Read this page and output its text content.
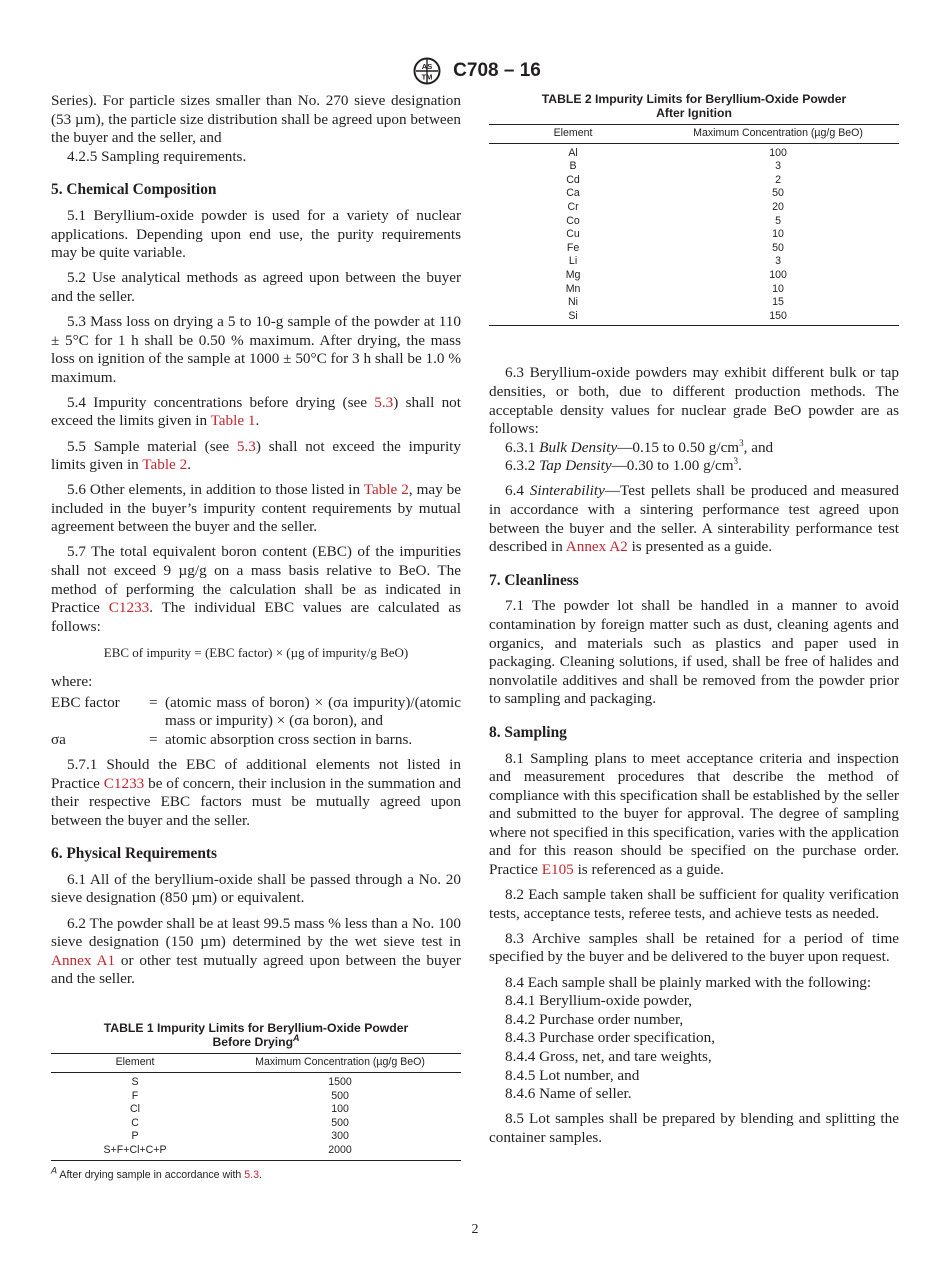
AS
TM C708 – 16

Series). For particle sizes smaller than No. 270 sieve designation (53 µm), the particle size distribution shall be agreed upon between the buyer and the seller, and

4.2.5 Sampling requirements.

5. Chemical Composition

5.1 Beryllium-oxide powder is used for a variety of nuclear applications. Depending upon end use, the purity requirements may be quite variable.

5.2 Use analytical methods as agreed upon between the buyer and the seller.

5.3 Mass loss on drying a 5 to 10-g sample of the powder at 110 ± 5°C for 1 h shall be 0.50 % maximum. After drying, the mass loss on ignition of the sample at 1000 ± 50°C for 3 h shall be 1.0 % maximum.

5.4 Impurity concentrations before drying (see 5.3) shall not exceed the limits given in Table 1.

5.5 Sample material (see 5.3) shall not exceed the impurity limits given in Table 2.

5.6 Other elements, in addition to those listed in Table 2, may be included in the buyer’s impurity content requirements by mutual agreement between the buyer and the seller.

5.7 The total equivalent boron content (EBC) of the impurities shall not exceed 9 µg/g on a mass basis relative to BeO. The method of performing the calculation shall be as indicated in Practice C1233. The individual EBC values are calculated as follows:

EBC of impurity = (EBC factor) × (µg of impurity/g BeO)

where:

EBC factor	=	(atomic mass of boron) × (σa impurity)/(atomic mass or impurity) × (σa boron), and
σa	=	atomic absorption cross section in barns.

5.7.1 Should the EBC of additional elements not listed in Practice C1233 be of concern, their inclusion in the summation and their respective EBC factors must be mutually agreed upon between the buyer and the seller.

6. Physical Requirements

6.1 All of the beryllium-oxide shall be passed through a No. 20 sieve designation (850 µm) or equivalent.

6.2 The powder shall be at least 99.5 mass % less than a No. 100 sieve designation (150 µm) determined by the wet sieve test in Annex A1 or other test mutually agreed upon between the buyer and the seller.

TABLE 1 Impurity Limits for Beryllium-Oxide Powder
Before Drying$^A$
Element	Maximum Concentration (µg/g BeO)
S	1500
F	500
Cl	100
C	500
P	300
S+F+Cl+C+P	2000
$^A$ After drying sample in accordance with 5.3.
TABLE 2 Impurity Limits for Beryllium-Oxide Powder
After Ignition
Element	Maximum Concentration (µg/g BeO)
Al	100
B	3
Cd	2
Ca	50
Cr	20
Co	5
Cu	10
Fe	50
Li	3
Mg	100
Mn	10
Ni	15
Si	150

6.3 Beryllium-oxide powders may exhibit different bulk or tap densities, or both, due to different production methods. The acceptable density values for nuclear grade BeO powder are as follows:

6.3.1 Bulk Density—0.15 to 0.50 $g/cm^3$, and

6.3.2 Tap Density—0.30 to 1.00 $g/cm^3$.

6.4 Sinterability—Test pellets shall be produced and measured in accordance with a sintering performance test agreed upon between the buyer and the seller. A sinterability performance test described in Annex A2 is presented as a guide.

7. Cleanliness

7.1 The powder lot shall be handled in a manner to avoid contamination by foreign matter such as dust, cleaning agents and organics, and materials such as plastics and paper used in packaging. Cleaning solutions, if used, shall be free of halides and nonvolatile additives and shall be removed from the powder prior to sampling and packaging.

8. Sampling

8.1 Sampling plans to meet acceptance criteria and inspection and measurement procedures that describe the method of compliance with this specification shall be established by the seller and submitted to the buyer for approval. The degree of sampling where not specified in this specification, varies with the application and for this reason should be specified on the purchase order. Practice E105 is referenced as a guide.

8.2 Each sample taken shall be sufficient for quality verification tests, acceptance tests, referee tests, and achieve tests as needed.

8.3 Archive samples shall be retained for a period of time specified by the buyer and be delivered to the buyer upon request.

8.4 Each sample shall be plainly marked with the following:

8.4.1 Beryllium-oxide powder,

8.4.2 Purchase order number,

8.4.3 Purchase order specification,

8.4.4 Gross, net, and tare weights,

8.4.5 Lot number, and

8.4.6 Name of seller.

8.5 Lot samples shall be prepared by blending and splitting the container samples.

2
